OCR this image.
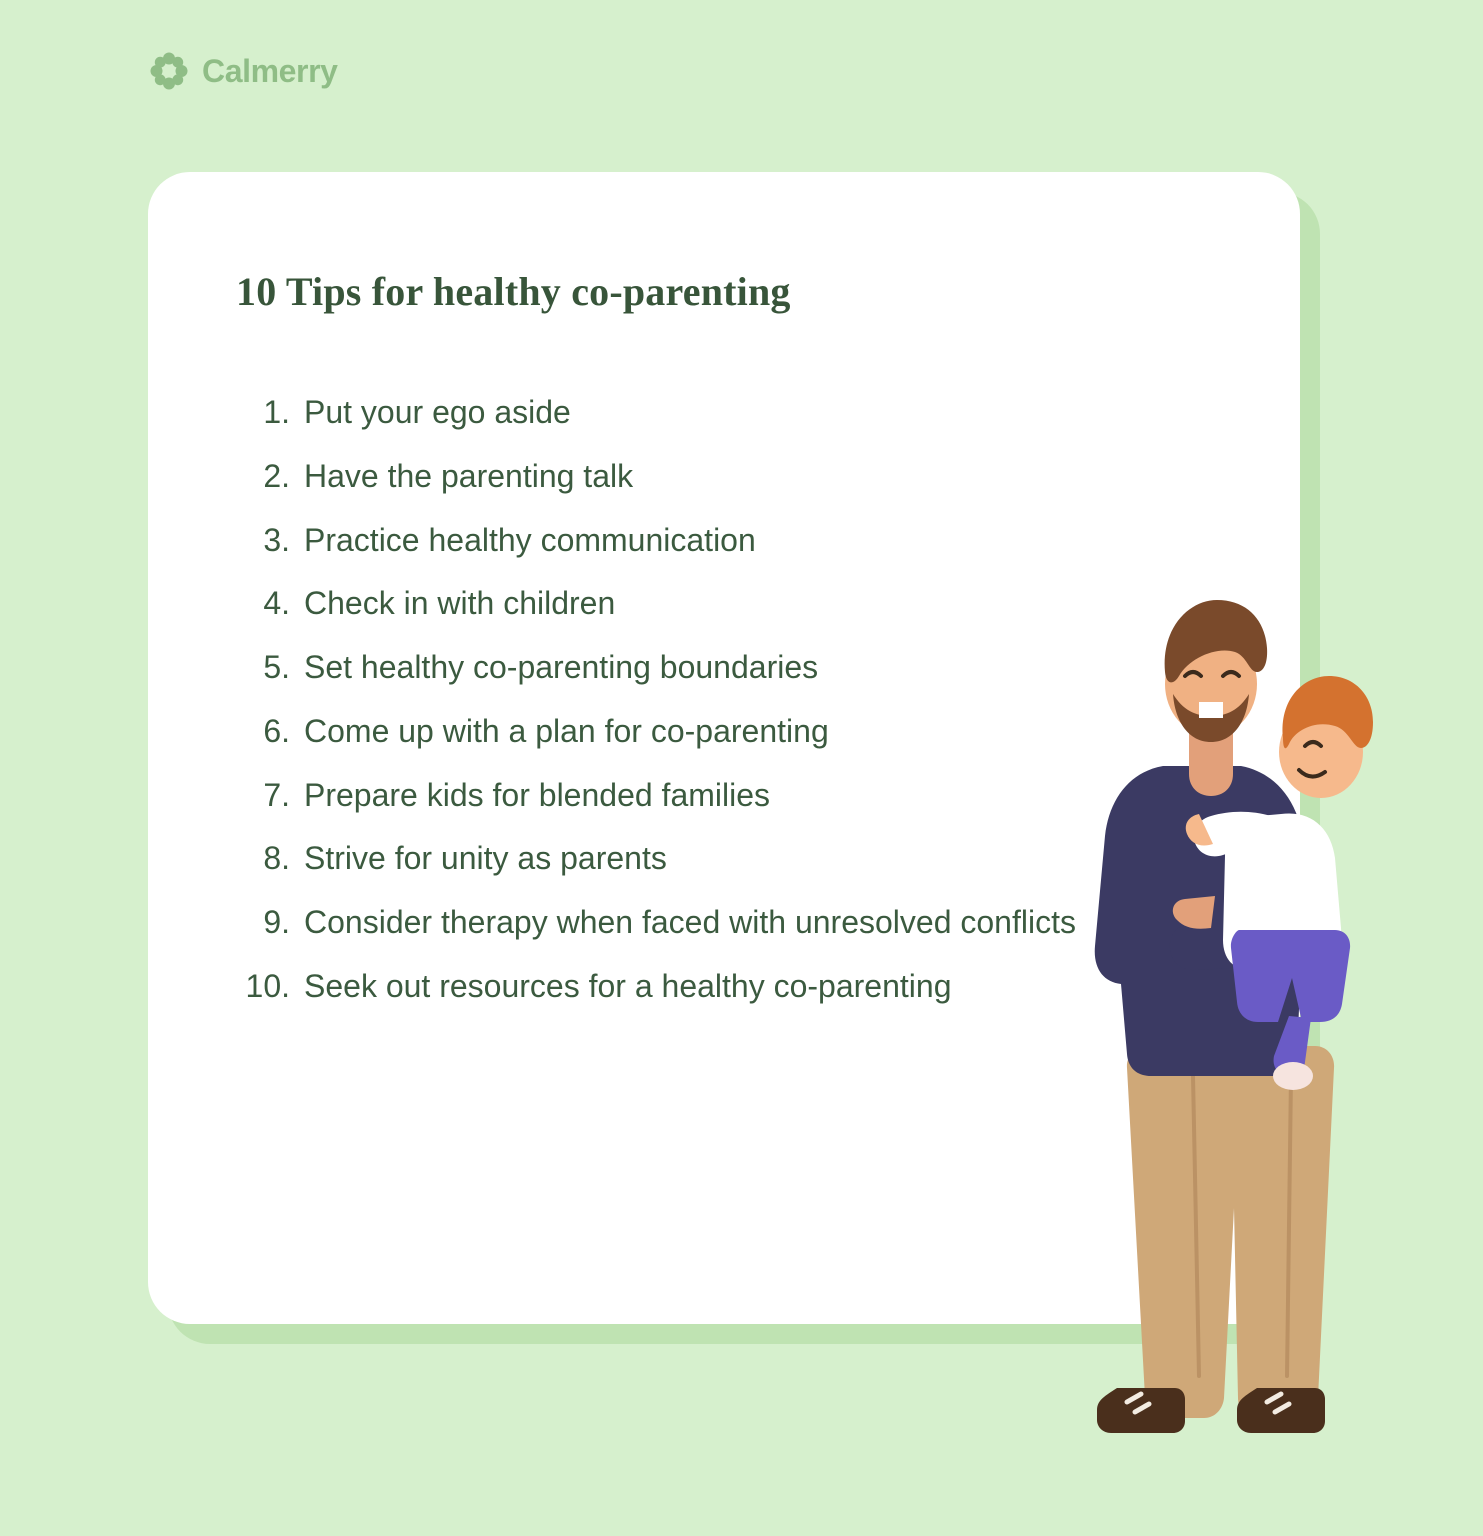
Calmerry
10 Tips for healthy co-parenting
1. Put your ego aside
2. Have the parenting talk
3. Practice healthy communication
4. Check in with children
5. Set healthy co-parenting boundaries
6. Come up with a plan for co-parenting
7. Prepare kids for blended families
8. Strive for unity as parents
9. Consider therapy when faced with unresolved conflicts
10. Seek out resources for a healthy co-parenting
